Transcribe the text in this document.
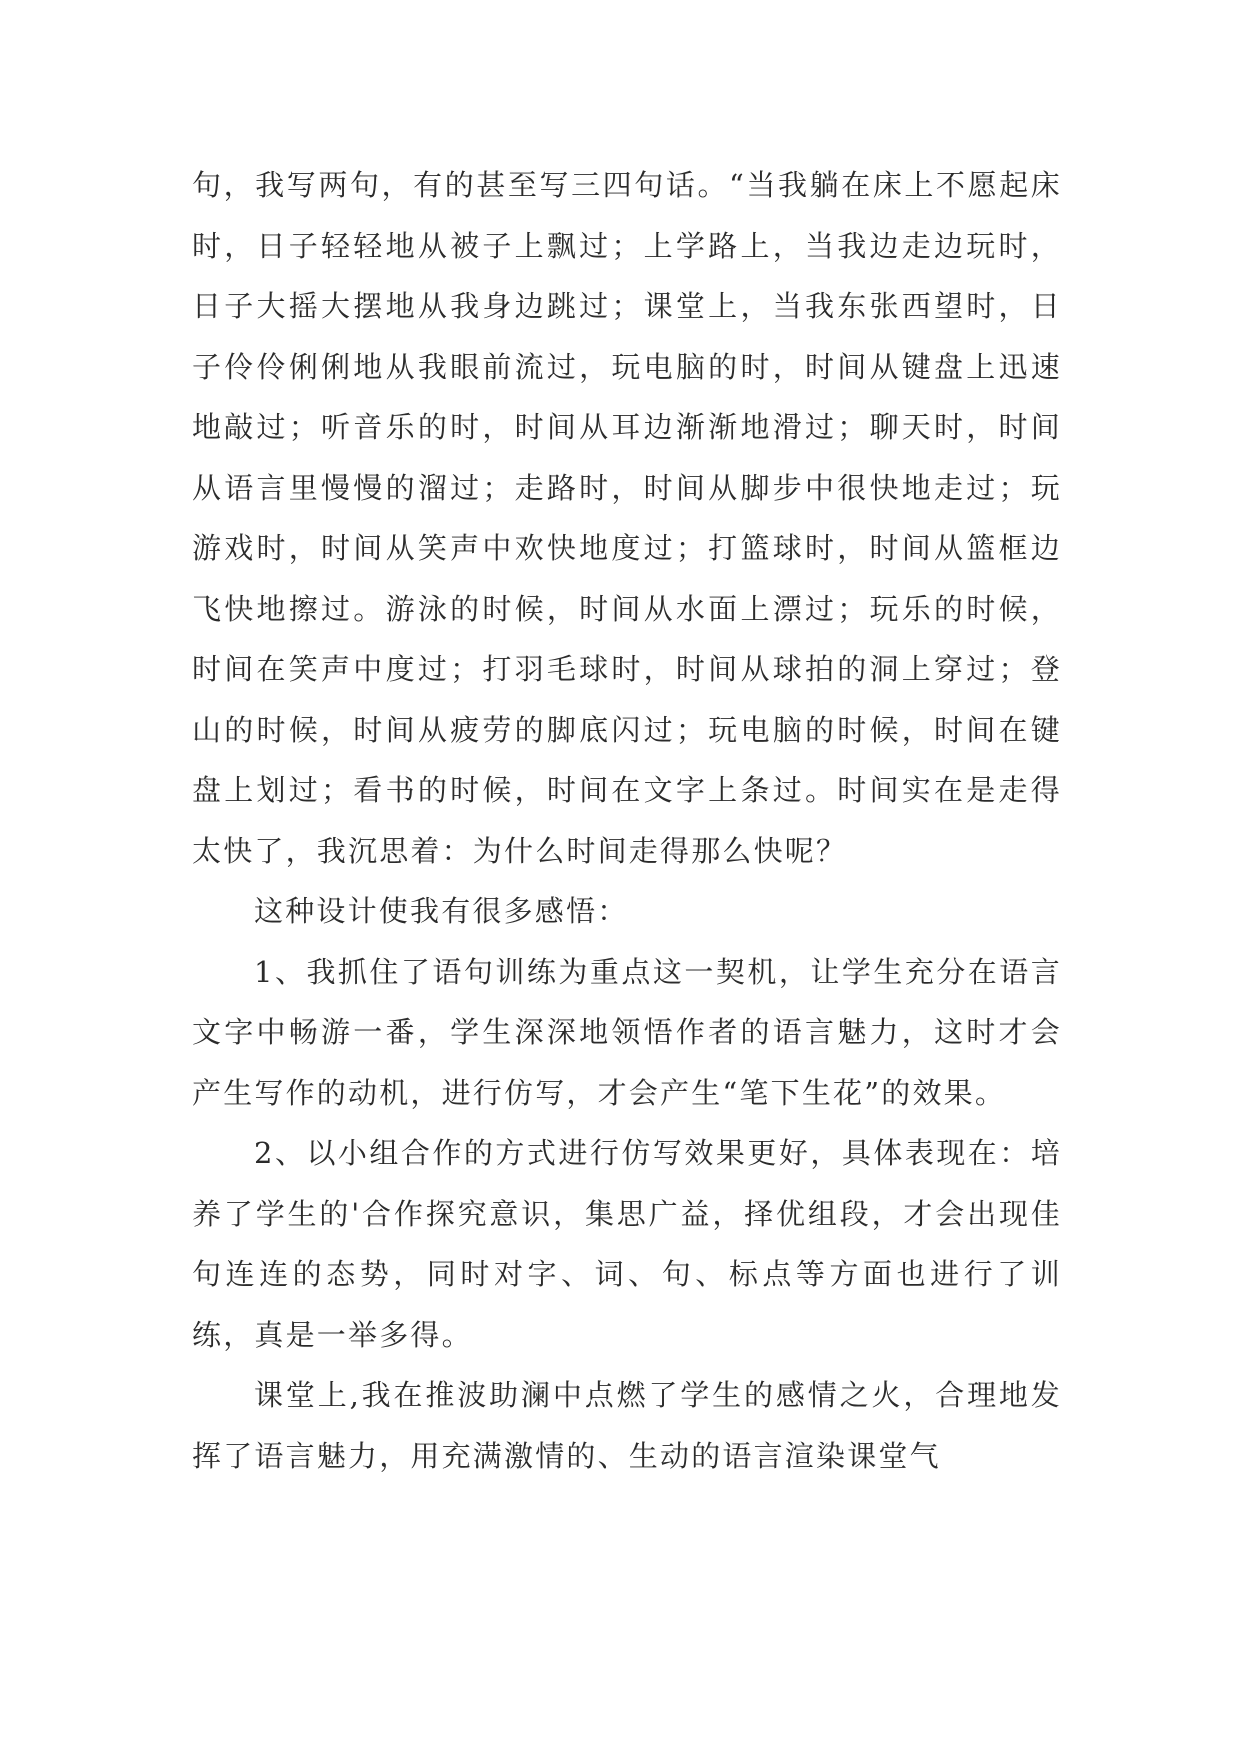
句，我写两句，有的甚至写三四句话。“当我躺在床上不愿起床时，日子轻轻地从被子上飘过；上学路上，当我边走边玩时，日子大摇大摆地从我身边跳过；课堂上，当我东张西望时，日子伶伶俐俐地从我眼前流过，玩电脑的时，时间从键盘上迅速地敲过；听音乐的时，时间从耳边渐渐地滑过；聊天时，时间从语言里慢慢的溜过；走路时，时间从脚步中很快地走过；玩游戏时，时间从笑声中欢快地度过；打篮球时，时间从篮框边飞快地擦过。游泳的时候，时间从水面上漂过；玩乐的时候，时间在笑声中度过；打羽毛球时，时间从球拍的洞上穿过；登山的时候，时间从疲劳的脚底闪过；玩电脑的时候，时间在键盘上划过；看书的时候，时间在文字上条过。时间实在是走得太快了，我沉思着：为什么时间走得那么快呢？

这种设计使我有很多感悟：

1、我抓住了语句训练为重点这一契机，让学生充分在语言文字中畅游一番，学生深深地领悟作者的语言魅力，这时才会产生写作的动机，进行仿写，才会产生“笔下生花”的效果。

2、以小组合作的方式进行仿写效果更好，具体表现在：培养了学生的'合作探究意识，集思广益，择优组段，才会出现佳句连连的态势，同时对字、词、句、标点等方面也进行了训练，真是一举多得。

课堂上,我在推波助澜中点燃了学生的感情之火，合理地发挥了语言魅力，用充满激情的、生动的语言渲染课堂气
